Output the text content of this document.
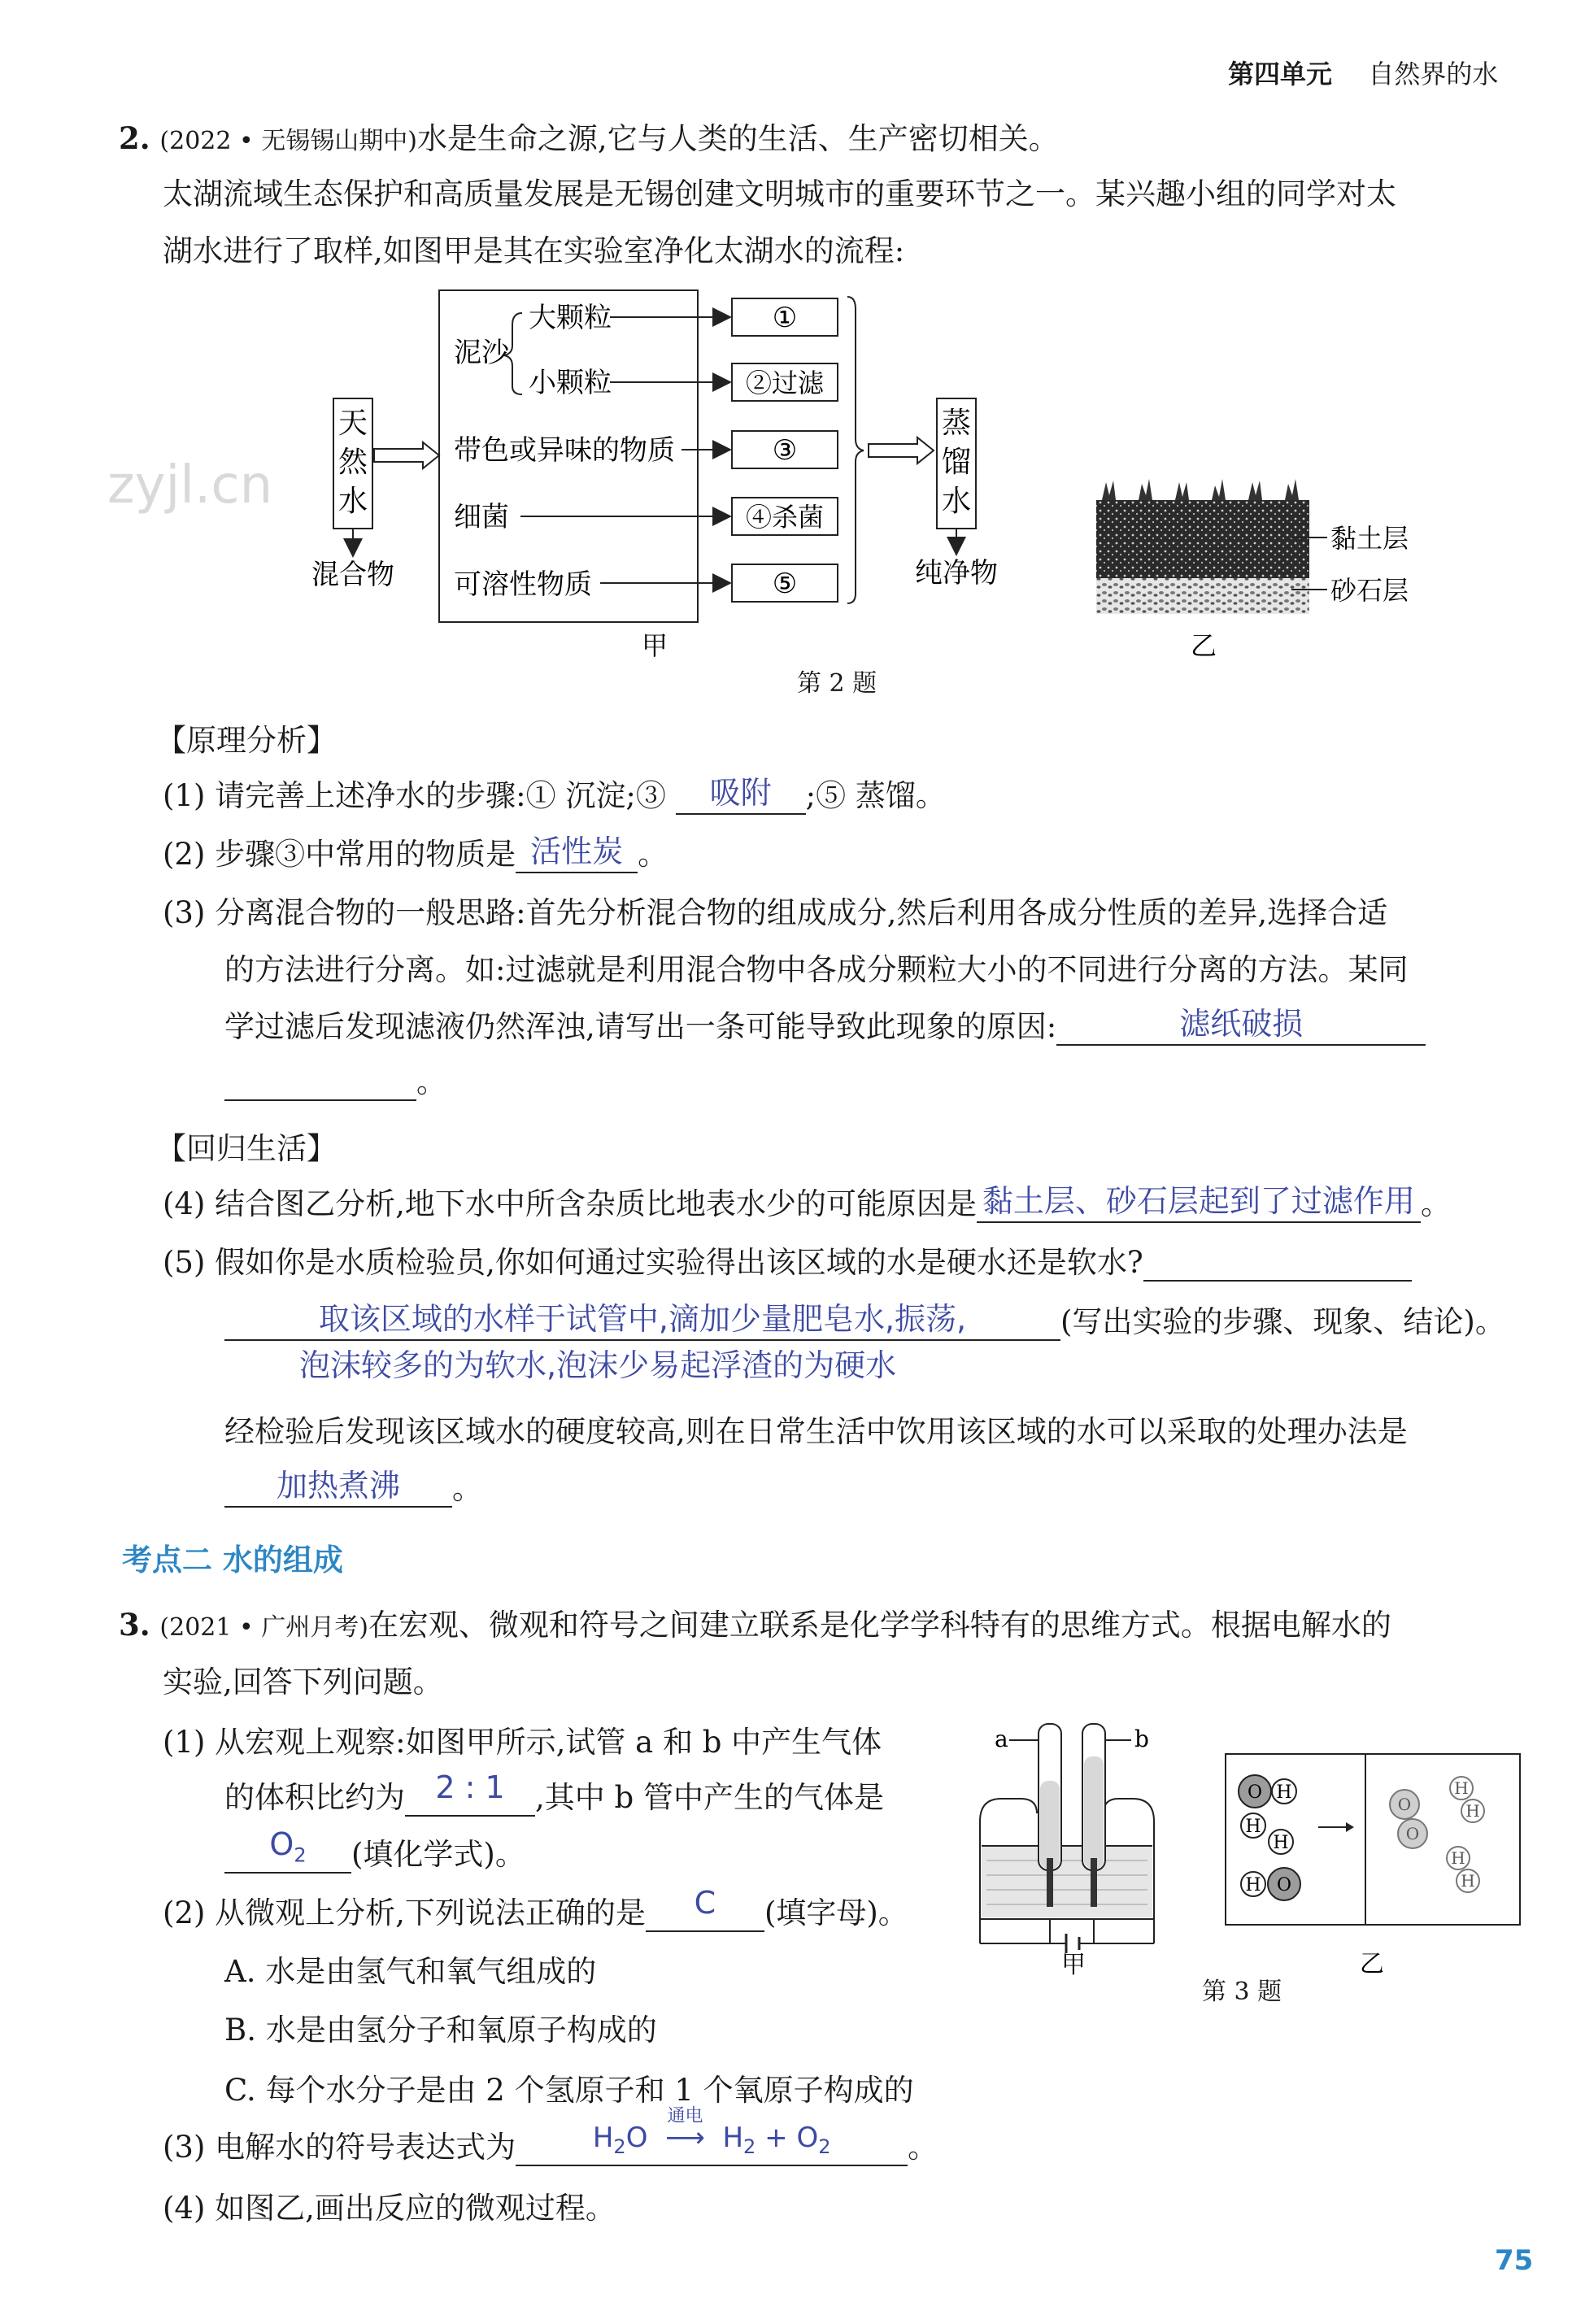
第四单元 自然界的水
2. (2022 • 无锡锡山期中)水是生命之源,它与人类的生活、生产密切相关。
太湖流域生态保护和高质量发展是无锡创建文明城市的重要环节之一。某兴趣小组的同学对太
湖水进行了取样,如图甲是其在实验室净化太湖水的流程:
zyjl.cn
天
然
水
混合物
泥沙
大颗粒
小颗粒
带色或异味的物质
细菌
可溶性物质
①
②过滤
③
④杀菌
⑤
蒸
馏
水
纯净物
甲
黏土层
砂石层
乙
第 2 题
【原理分析】
(1) 请完善上述净水的步骤:① 沉淀;③ 吸附 ;⑤ 蒸馏。
(2) 步骤③中常用的物质是 活性炭 。
(3) 分离混合物的一般思路:首先分析混合物的组成成分,然后利用各成分性质的差异,选择合适
的方法进行分离。如:过滤就是利用混合物中各成分颗粒大小的不同进行分离的方法。某同
学过滤后发现滤液仍然浑浊,请写出一条可能导致此现象的原因:	滤纸破损
。
【回归生活】
(4) 结合图乙分析,地下水中所含杂质比地表水少的可能原因是 黏土层、砂石层起到了过滤作用 。
(5) 假如你是水质检验员,你如何通过实验得出该区域的水是硬水还是软水?
取该区域的水样于试管中,滴加少量肥皂水,振荡,	(写出实验的步骤、现象、结论)。
泡沫较多的为软水,泡沫少易起浮渣的为硬水
经检验后发现该区域水的硬度较高,则在日常生活中饮用该区域的水可以采取的处理办法是
加热煮沸 。
考点二 水的组成
3. (2021 • 广州月考)在宏观、微观和符号之间建立联系是化学学科特有的思维方式。根据电解水的
实验,回答下列问题。
(1) 从宏观上观察:如图甲所示,试管 a 和 b 中产生气体
的体积比约为 2 : 1 ,其中 b 管中产生的气体是
$O_2$ (填化学式)。
(2) 从微观上分析,下列说法正确的是 C (填字母)。
A. 水是由氢气和氧气组成的
B. 水是由氢分子和氧原子构成的
C. 每个水分子是由 2 个氢原子和 1 个氧原子构成的
(3) 电解水的符号表达式为	$H_2O$
通电
⟶ $H_2 + O_2$	。
(4) 如图乙,画出反应的微观过程。
a	b
甲
O H
H
H
H O
O
O
H
H
H
H
乙
第 3 题
75
